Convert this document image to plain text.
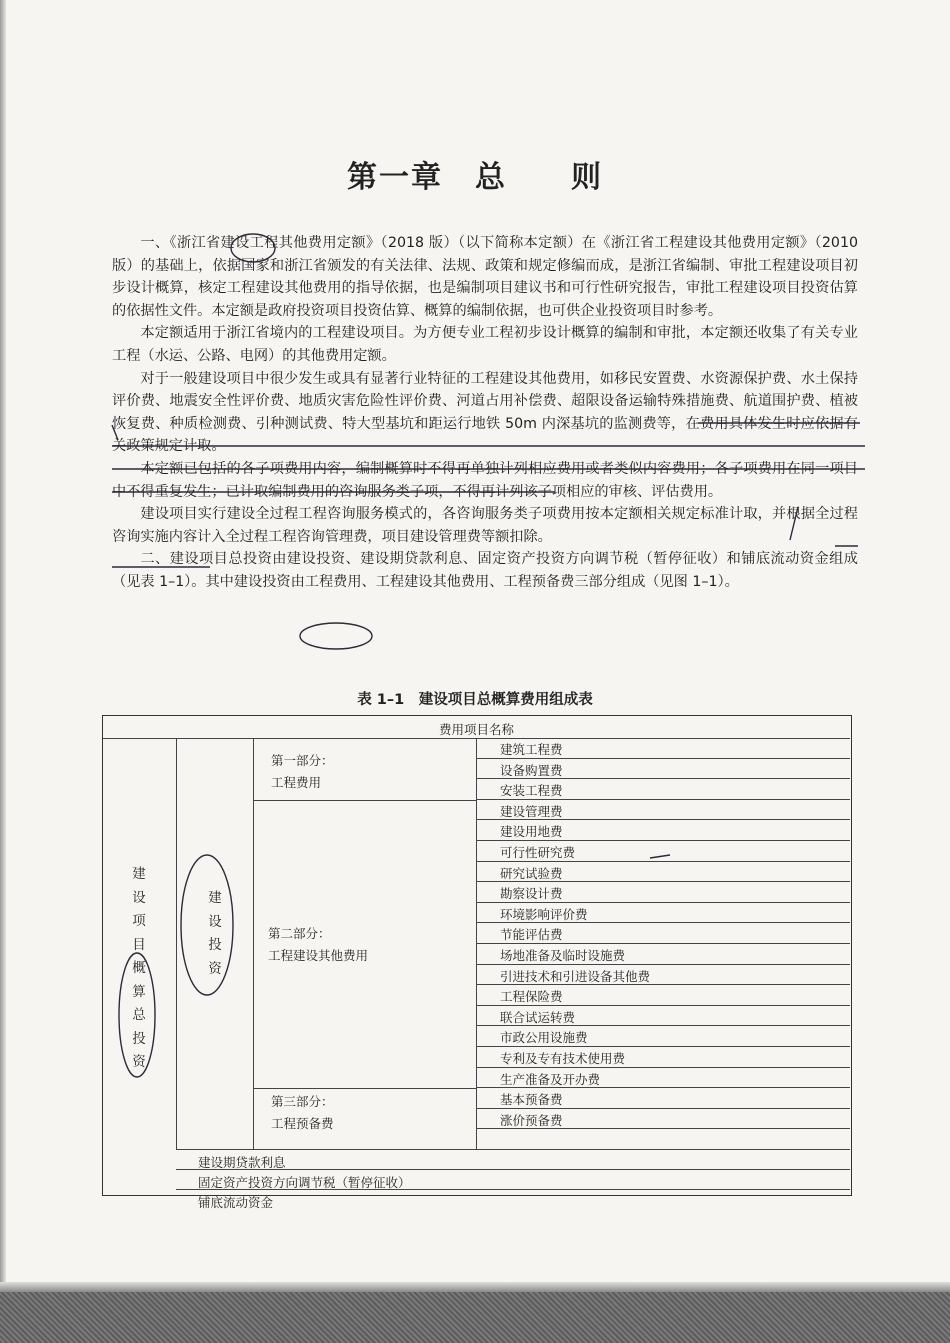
第一章 总 则

一、《浙江省建设工程其他费用定额》（2018 版）（以下简称本定额）在《浙江省工程建设其他费用定额》（2010 版）的基础上，依据国家和浙江省颁发的有关法律、法规、政策和规定修编而成，是浙江省编制、审批工程建设项目初步设计概算，核定工程建设其他费用的指导依据，也是编制项目建议书和可行性研究报告，审批工程建设项目投资估算的依据性文件。本定额是政府投资项目投资估算、概算的编制依据，也可供企业投资项目时参考。

本定额适用于浙江省境内的工程建设项目。为方便专业工程初步设计概算的编制和审批，本定额还收集了有关专业工程（水运、公路、电网）的其他费用定额。

对于一般建设项目中很少发生或具有显著行业特征的工程建设其他费用，如移民安置费、水资源保护费、水土保持评价费、地震安全性评价费、地质灾害危险性评价费、河道占用补偿费、超限设备运输特殊措施费、航道围护费、植被恢复费、种质检测费、引种测试费、特大型基坑和距运行地铁 50m 内深基坑的监测费等，在费用具体发生时应依据有关政策规定计取。

本定额已包括的各子项费用内容，编制概算时不得再单独计列相应费用或者类似内容费用；各子项费用在同一项目中不得重复发生；已计取编制费用的咨询服务类子项，不得再计列该子项相应的审核、评估费用。

建设项目实行建设全过程工程咨询服务模式的，各咨询服务类子项费用按本定额相关规定标准计取，并根据全过程咨询实施内容计入全过程工程咨询管理费，项目建设管理费等额扣除。

二、建设项目总投资由建设投资、建设期贷款利息、固定资产投资方向调节税（暂停征收）和铺底流动资金组成（见表 1–1）。其中建设投资由工程费用、工程建设其他费用、工程预备费三部分组成（见图 1–1）。

表 1–1　建设项目总概算费用组成表
费用项目名称
建
设
项
目
概
算
总
投
资
建
设
投
资
第一部分：
工程费用
第二部分：
工程建设其他费用
第三部分：
工程预备费
建筑工程费
设备购置费
安装工程费
建设管理费
建设用地费
可行性研究费
研究试验费
勘察设计费
环境影响评价费
节能评估费
场地准备及临时设施费
引进技术和引进设备其他费
工程保险费
联合试运转费
市政公用设施费
专利及专有技术使用费
生产准备及开办费
基本预备费
涨价预备费
建设期贷款利息
固定资产投资方向调节税（暂停征收）
铺底流动资金
